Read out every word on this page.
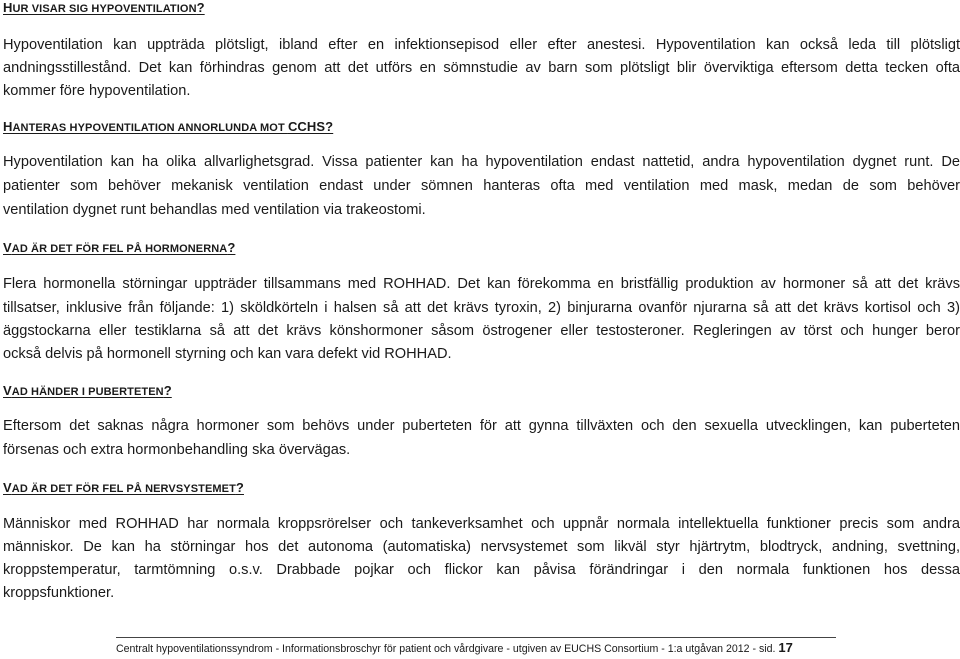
HUR VISAR SIG HYPOVENTILATION?
Hypoventilation kan uppträda plötsligt, ibland efter en infektionsepisod eller efter anestesi. Hypoventilation kan också leda till plötsligt
andningsstillestånd. Det kan förhindras genom att det utförs en sömnstudie av barn som plötsligt blir överviktiga eftersom detta tecken ofta
kommer före hypoventilation.
HANTERAS HYPOVENTILATION ANNORLUNDA MOT CCHS?
Hypoventilation kan ha olika allvarlighetsgrad. Vissa patienter kan ha hypoventilation endast nattetid, andra hypoventilation dygnet runt. De
patienter som behöver mekanisk ventilation endast under sömnen hanteras ofta med ventilation med mask, medan de som behöver
ventilation dygnet runt behandlas med ventilation via trakeostomi.
VAD ÄR DET FÖR FEL PÅ HORMONERNA?
Flera hormonella störningar uppträder tillsammans med ROHHAD. Det kan förekomma en bristfällig produktion av hormoner så att det krävs
tillsatser, inklusive från följande: 1) sköldkörteln i halsen så att det krävs tyroxin, 2) binjurarna ovanför njurarna så att det krävs kortisol och 3)
äggstockarna eller testiklarna så att det krävs könshormoner såsom östrogener eller testosteroner. Regleringen av törst och hunger beror
också delvis på hormonell styrning och kan vara defekt vid ROHHAD.
VAD HÄNDER I PUBERTETEN?
Eftersom det saknas några hormoner som behövs under puberteten för att gynna tillväxten och den sexuella utvecklingen, kan puberteten
försenas och extra hormonbehandling ska övervägas.
VAD ÄR DET FÖR FEL PÅ NERVSYSTEMET?
Människor med ROHHAD har normala kroppsrörelser och tankeverksamhet och uppnår normala intellektuella funktioner precis som andra
människor. De kan ha störningar hos det autonoma (automatiska) nervsystemet som likväl styr hjärtrytm, blodtryck, andning, svettning,
kroppstemperatur, tarmtömning o.s.v. Drabbade pojkar och flickor kan påvisa förändringar i den normala funktionen hos dessa
kroppsfunktioner.
Centralt hypoventilationssyndrom - Informationsbroschyr för patient och vårdgivare - utgiven av EUCHS Consortium - 1:a utgåvan 2012 - sid. 17
